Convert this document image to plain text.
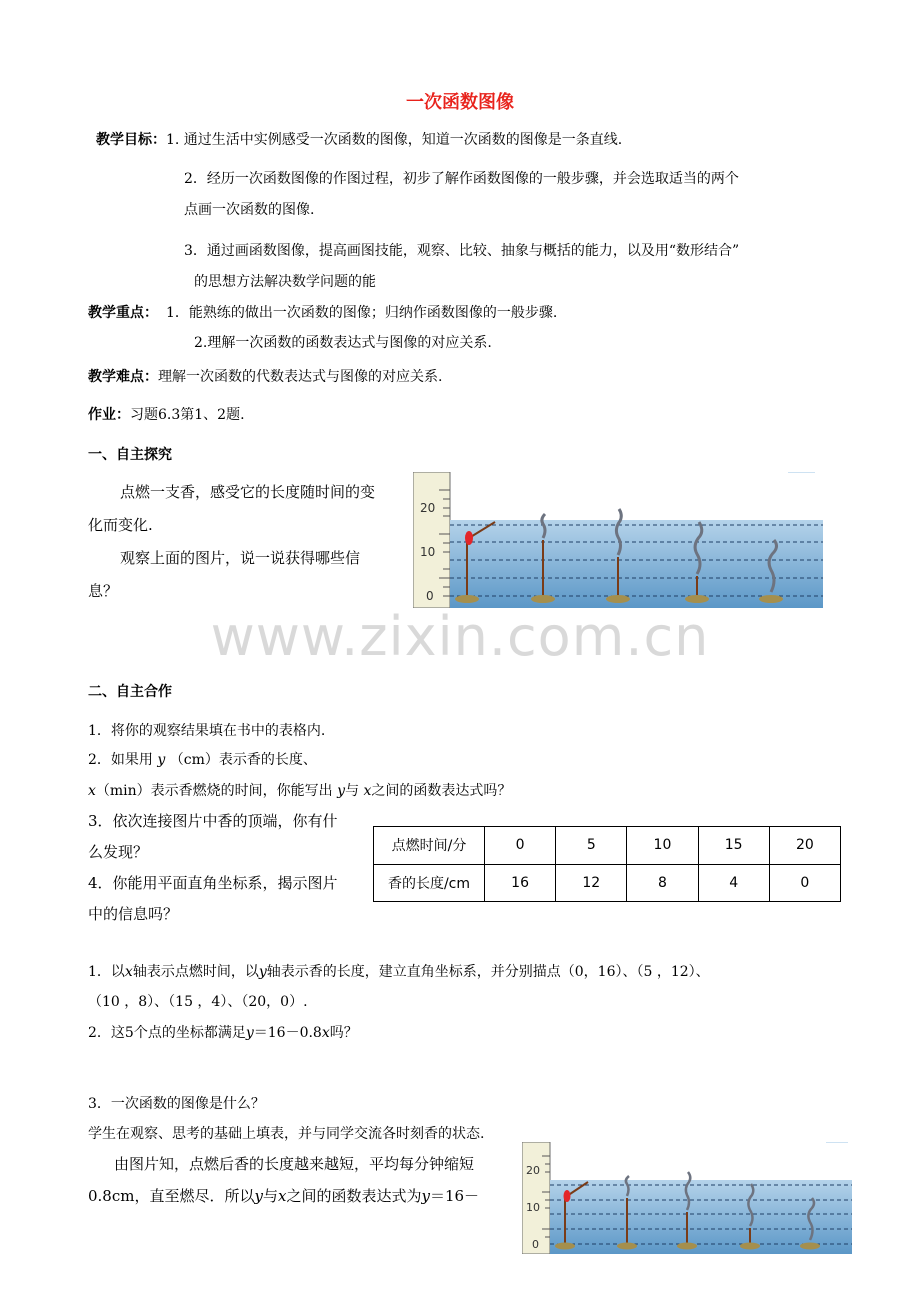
一次函数图像
教学目标：1. 通过生活中实例感受一次函数的图像，知道一次函数的图像是一条直线.
2．经历一次函数图像的作图过程，初步了解作函数图像的一般步骤，并会选取适当的两个
点画一次函数的图像.
3．通过画函数图像，提高画图技能，观察、比较、抽象与概括的能力，以及用“数形结合”
的思想方法解决数学问题的能
教学重点： 1．能熟练的做出一次函数的图像；归纳作函数图像的一般步骤.
2.理解一次函数的函数表达式与图像的对应关系.
教学难点：理解一次函数的代数表达式与图像的对应关系.
作业：习题6.3第1、2题.
一、自主探究
点燃一支香，感受它的长度随时间的变
化而变化.
观察上面的图片，说一说获得哪些信
息？
20
10
0
www.zixin.com.cn
二、自主合作
1．将你的观察结果填在书中的表格内.
2．如果用 y （cm）表示香的长度、
x（min）表示香燃烧的时间，你能写出 y与 x之间的函数表达式吗？
3．依次连接图片中香的顶端，你有什
么发现？
4．你能用平面直角坐标系，揭示图片
中的信息吗？
点燃时间/分	0	5	10	15	20
香的长度/cm	16	12	8	4	0
1．以x轴表示点燃时间，以y轴表示香的长度，建立直角坐标系，并分别描点（0，16）、（5 ，12）、
（10 ，8）、（15 ，4）、（20，0）.
2．这5个点的坐标都满足y＝16－0.8x吗？
3．一次函数的图像是什么？
学生在观察、思考的基础上填表，并与同学交流各时刻香的状态.
由图片知，点燃后香的长度越来越短，平均每分钟缩短
0.8cm，直至燃尽．所以y与x之间的函数表达式为y＝16－
20
10
0
